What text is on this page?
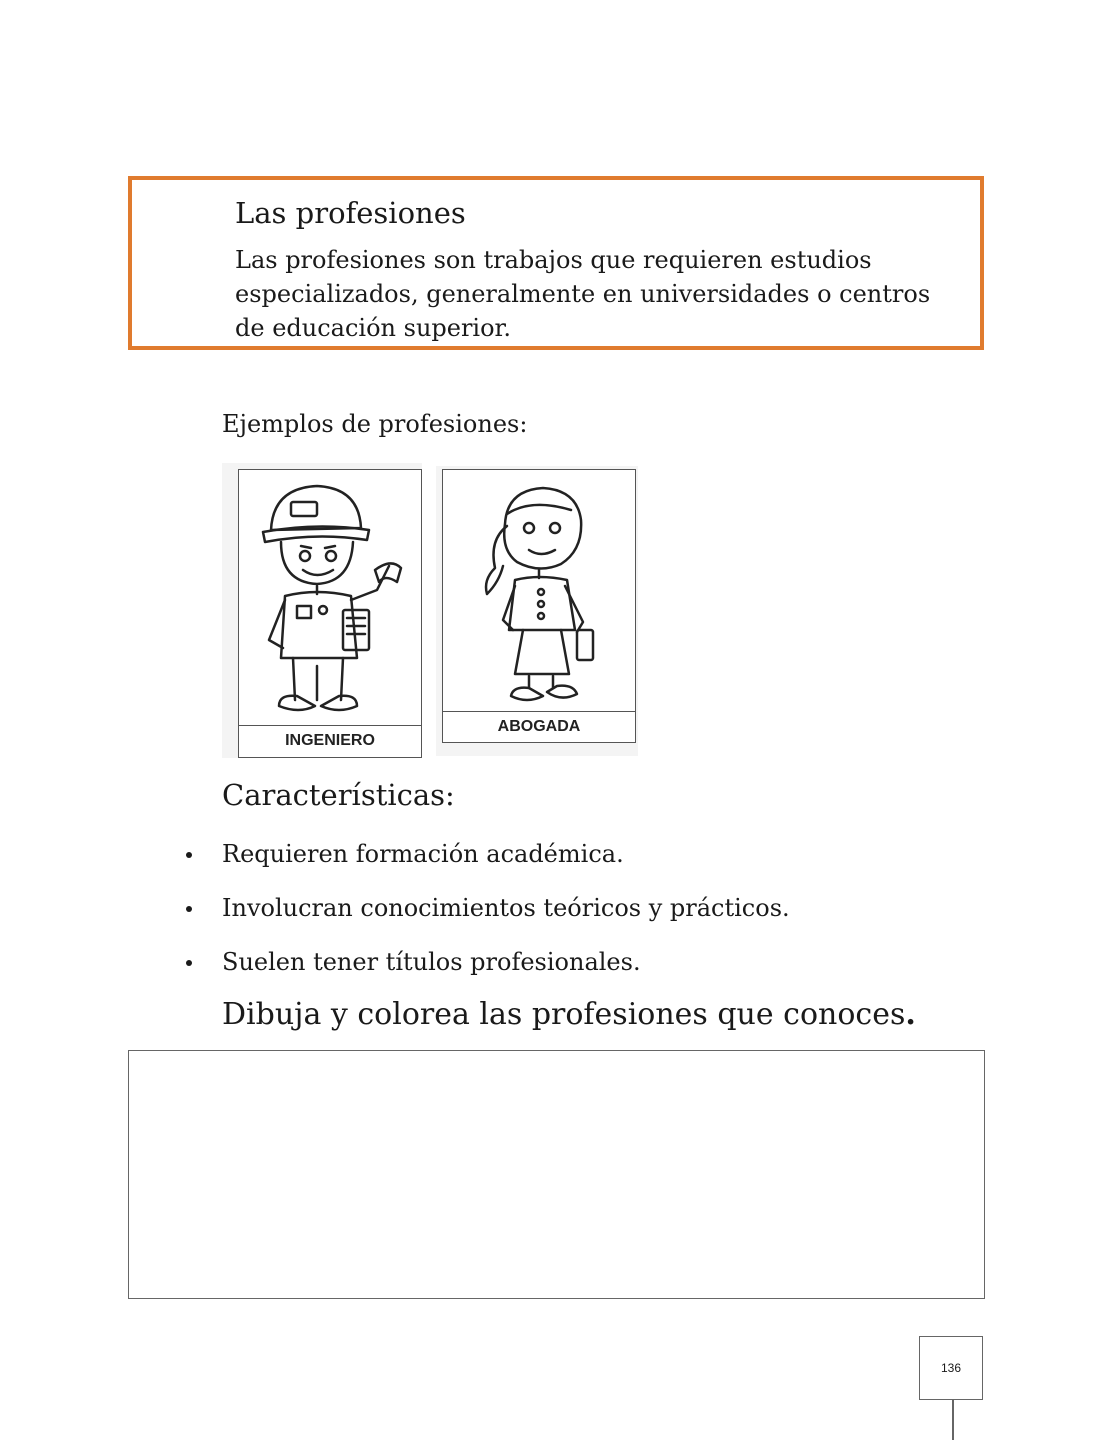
Las profesiones
Las profesiones son trabajos que requieren estudios especializados, generalmente en universidades o centros de educación superior.
Ejemplos de profesiones:
INGENIERO
ABOGADA
Características:
Requieren formación académica.
Involucran conocimientos teóricos y prácticos.
Suelen tener títulos profesionales.
Dibuja y colorea las profesiones que conoces.
136
